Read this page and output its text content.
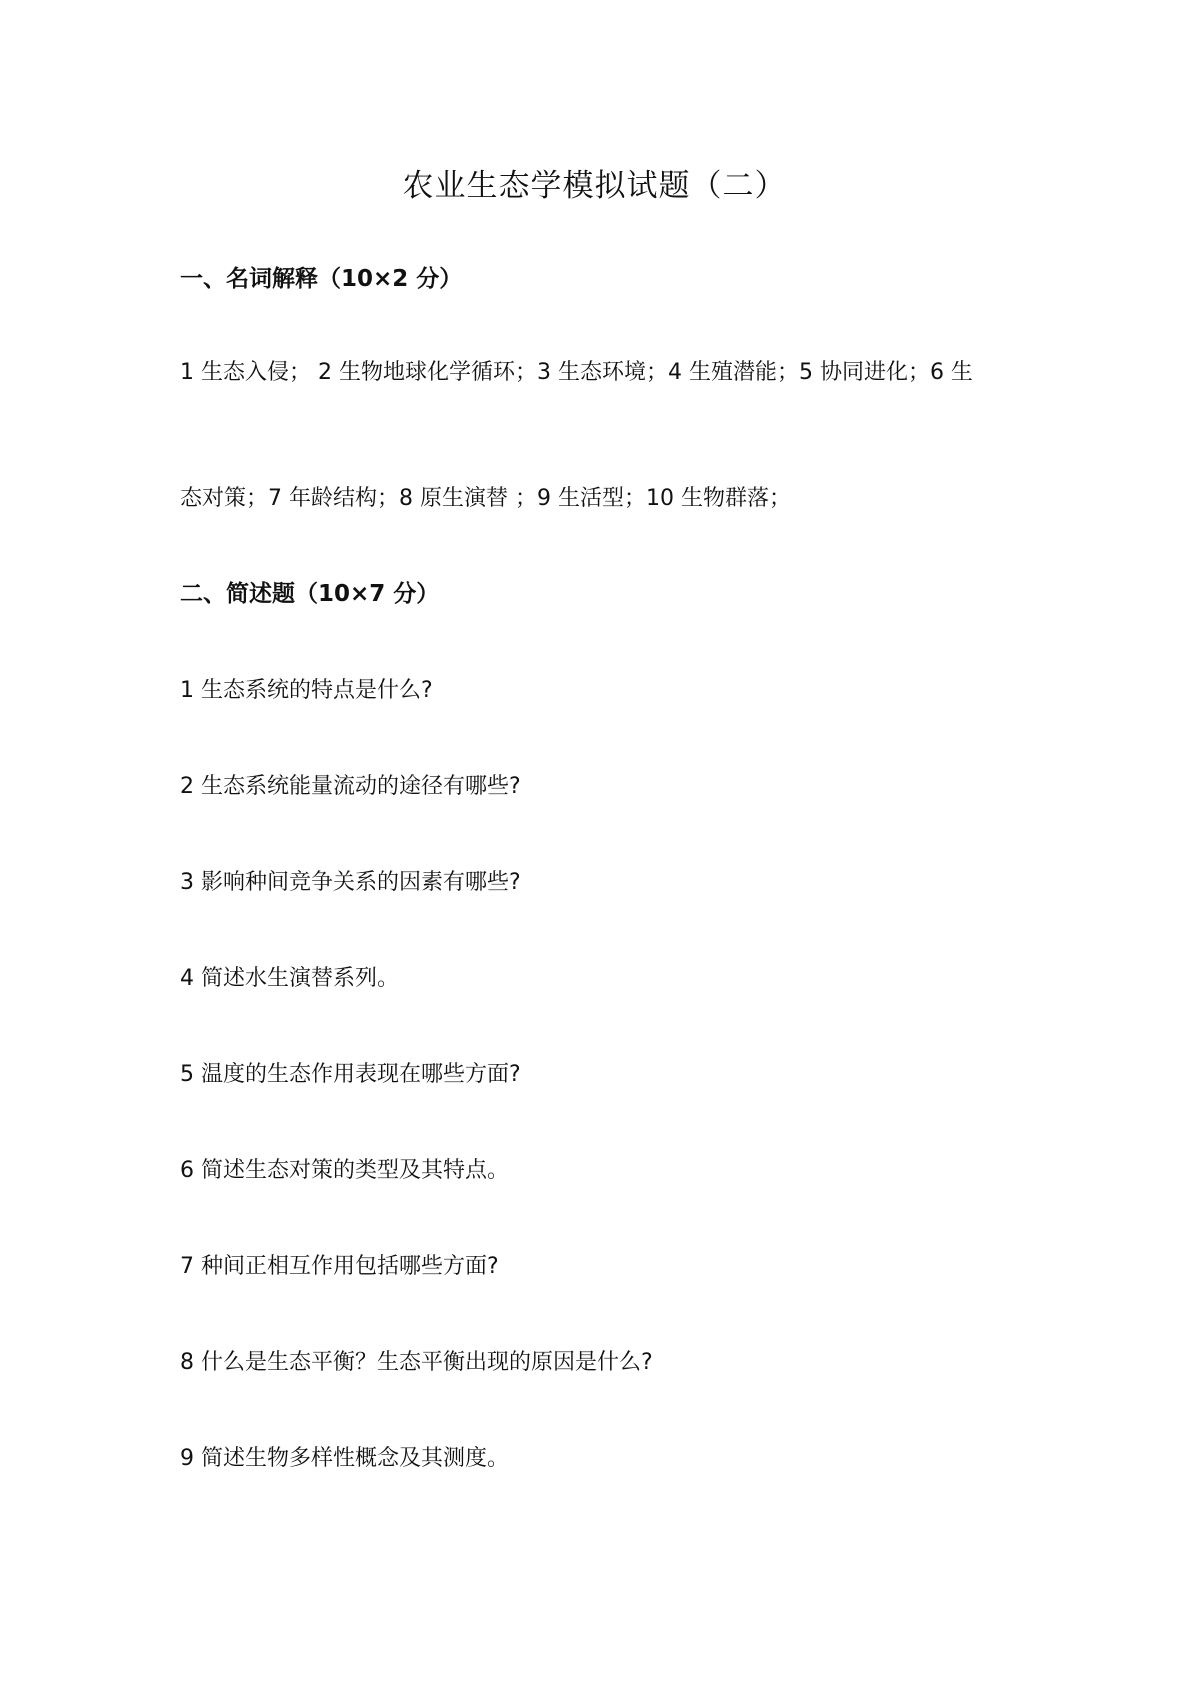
农业生态学模拟试题（二）
一、名词解释（10×2 分）
1 生态入侵； 2 生物地球化学循环；3 生态环境；4 生殖潜能；5 协同进化；6 生
态对策；7 年龄结构；8 原生演替 ；9 生活型；10 生物群落；
二、简述题（10×7 分）
1 生态系统的特点是什么?
2 生态系统能量流动的途径有哪些?
3 影响种间竞争关系的因素有哪些?
4 简述水生演替系列。
5 温度的生态作用表现在哪些方面?
6 简述生态对策的类型及其特点。
7 种间正相互作用包括哪些方面?
8 什么是生态平衡？生态平衡出现的原因是什么?
9 简述生物多样性概念及其测度。
